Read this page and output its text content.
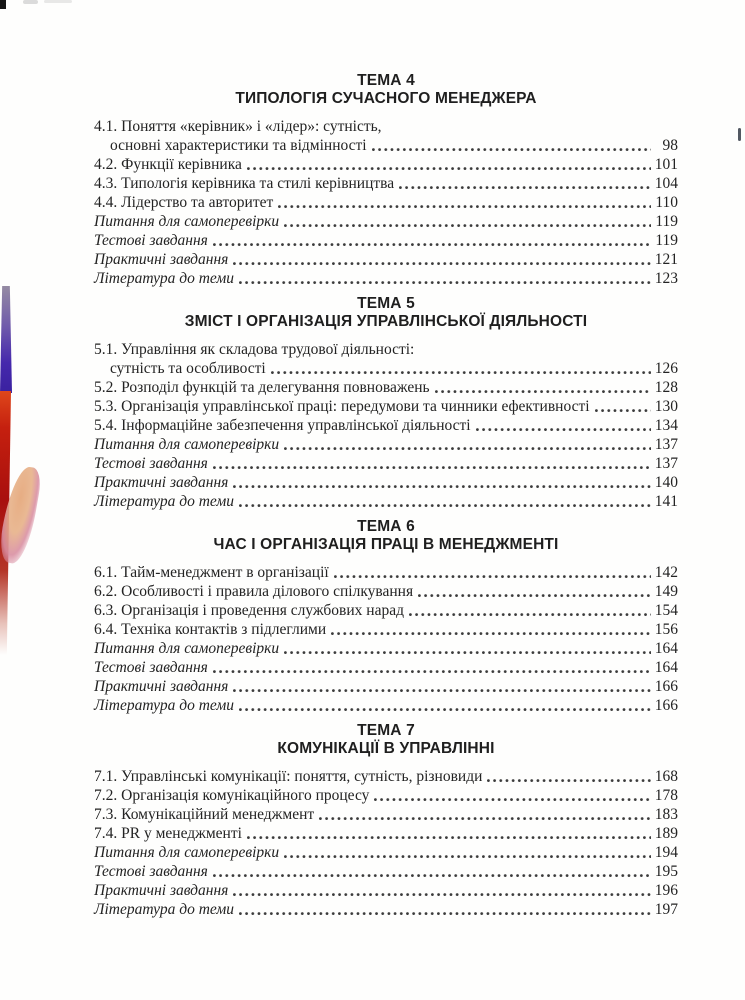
ТЕМА 4
ТИПОЛОГІЯ СУЧАСНОГО МЕНЕДЖЕРА
4.1. Поняття «керівник» і «лідер»: сутність,
основні характеристики та відмінності	98
4.2. Функції керівника	101
4.3. Типологія керівника та стилі керівництва	104
4.4. Лідерство та авторитет	110
Питання для самоперевірки	119
Тестові завдання	119
Практичні завдання	121
Література до теми	123
ТЕМА 5
ЗМІСТ І ОРГАНІЗАЦІЯ УПРАВЛІНСЬКОЇ ДІЯЛЬНОСТІ
5.1. Управління як складова трудової діяльності:
сутність та особливості	126
5.2. Розподіл функцій та делегування повноважень	128
5.3. Організація управлінської праці: передумови та чинники ефективності	130
5.4. Інформаційне забезпечення управлінської діяльності	134
Питання для самоперевірки	137
Тестові завдання	137
Практичні завдання	140
Література до теми	141
ТЕМА 6
ЧАС І ОРГАНІЗАЦІЯ ПРАЦІ В МЕНЕДЖМЕНТІ
6.1. Тайм-менеджмент в організації	142
6.2. Особливості і правила ділового спілкування	149
6.3. Організація і проведення службових нарад	154
6.4. Техніка контактів з підлеглими	156
Питання для самоперевірки	164
Тестові завдання	164
Практичні завдання	166
Література до теми	166
ТЕМА 7
КОМУНІКАЦІЇ В УПРАВЛІННІ
7.1. Управлінські комунікації: поняття, сутність, різновиди	168
7.2. Організація комунікаційного процесу	178
7.3. Комунікаційний менеджмент	183
7.4. PR у менеджменті	189
Питання для самоперевірки	194
Тестові завдання	195
Практичні завдання	196
Література до теми	197
